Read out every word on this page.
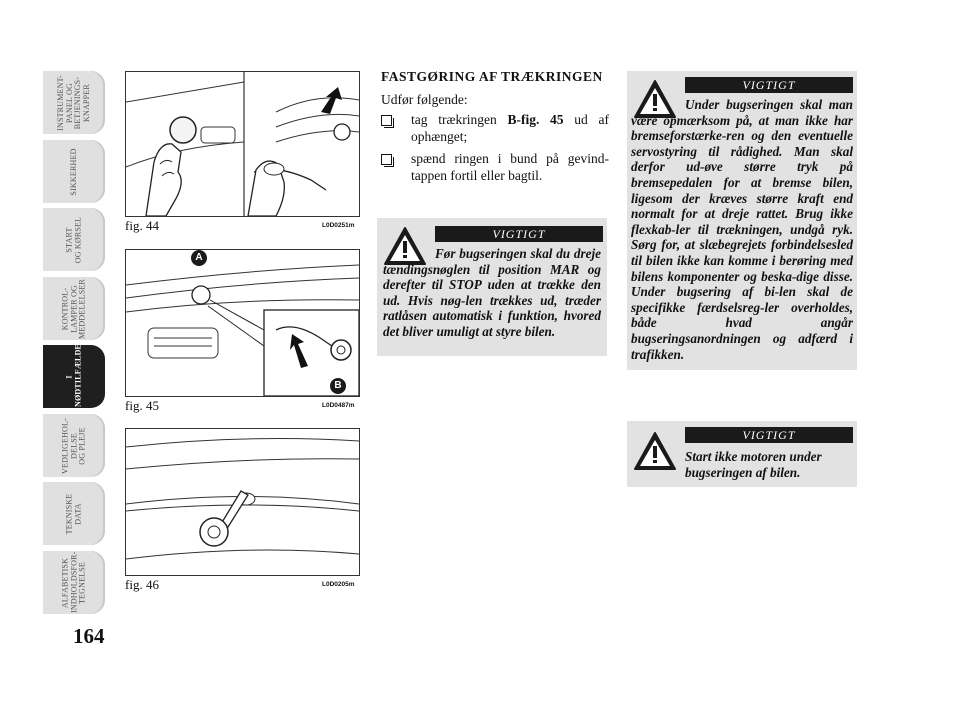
INSTRUMENT-
PANEL OG
BETJENINGS-
KNAPPER
SIKKERHED
START
OG KØRSEL
KONTROL-
LAMPER OG
MEDDELELSER
I
NØDTILFÆLDE
VEDLIGEHOL-
DELSE
OG PLEJE
TEKNISKE
DATA
ALFABETISK
INDHOLDSFOR-
TEGNELSE
164
fig. 44	L0D0251m
A
B
fig. 45	L0D0487m
fig. 46	L0D0205m
FASTGØRING AF TRÆKRINGEN
Udfør følgende:
tag trækringen B-fig. 45 ud af ophænget;
spænd ringen i bund på gevind-tappen fortil eller bagtil.
VIGTIGT
Før bugseringen skal du dreje tændingsnøglen til position MAR og derefter til STOP uden at trække den ud. Hvis nøg-len trækkes ud, træder ratlåsen automatisk i funktion, hvored det bliver umuligt at styre bilen.
VIGTIGT
Under bugseringen skal man være opmærksom på, at man ikke har bremseforstærke-ren og den eventuelle servostyring til rådighed. Man skal derfor ud-øve større tryk på bremsepedalen for at bremse bilen, ligesom der kræves større kraft end normalt for at dreje rattet. Brug ikke flexkab-ler til trækningen, undgå ryk. Sørg for, at slæbegrejets forbindelsesled til bilen ikke kan komme i berøring med bilens komponenter og beska-dige disse. Under bugsering af bi-len skal de specifikke færdselsreg-ler overholdes, både hvad angår bugseringsanordningen og adfærd i trafikken.
VIGTIGT
Start ikke motoren under bugseringen af bilen.
